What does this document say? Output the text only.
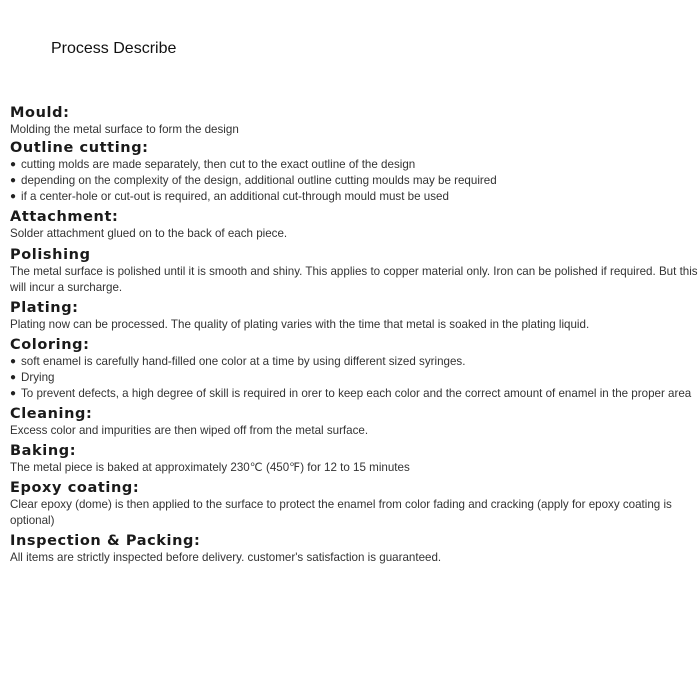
Process Describe
Mould:
Molding the metal surface to form the design
Outline cutting:
● cutting molds are made separately, then cut to the exact outline of the design
● depending on the complexity of the design, additional outline cutting moulds may be required
● if a center-hole or cut-out is required, an additional cut-through mould must be used
Attachment:
Solder attachment glued on to the back of each piece.
Polishing
The metal surface is polished until it is smooth and shiny. This applies to copper material only. Iron can be polished if required. But this will incur a surcharge.
Plating:
Plating now can be processed. The quality of plating varies with the time that metal is soaked in the plating liquid.
Coloring:
● soft enamel is carefully hand-filled one color at a time by using different sized syringes.
● Drying
● To prevent defects, a high degree of skill is required in orer to keep each color and the correct amount of enamel in the proper area
Cleaning:
Excess color and impurities are then wiped off from the metal surface.
Baking:
The metal piece is baked at approximately 230℃ (450℉) for 12 to 15 minutes
Epoxy coating:
Clear epoxy (dome) is then applied to the surface to protect the enamel from color fading and cracking (apply for epoxy coating is optional)
Inspection & Packing:
All items are strictly inspected before delivery. customer's satisfaction is guaranteed.
